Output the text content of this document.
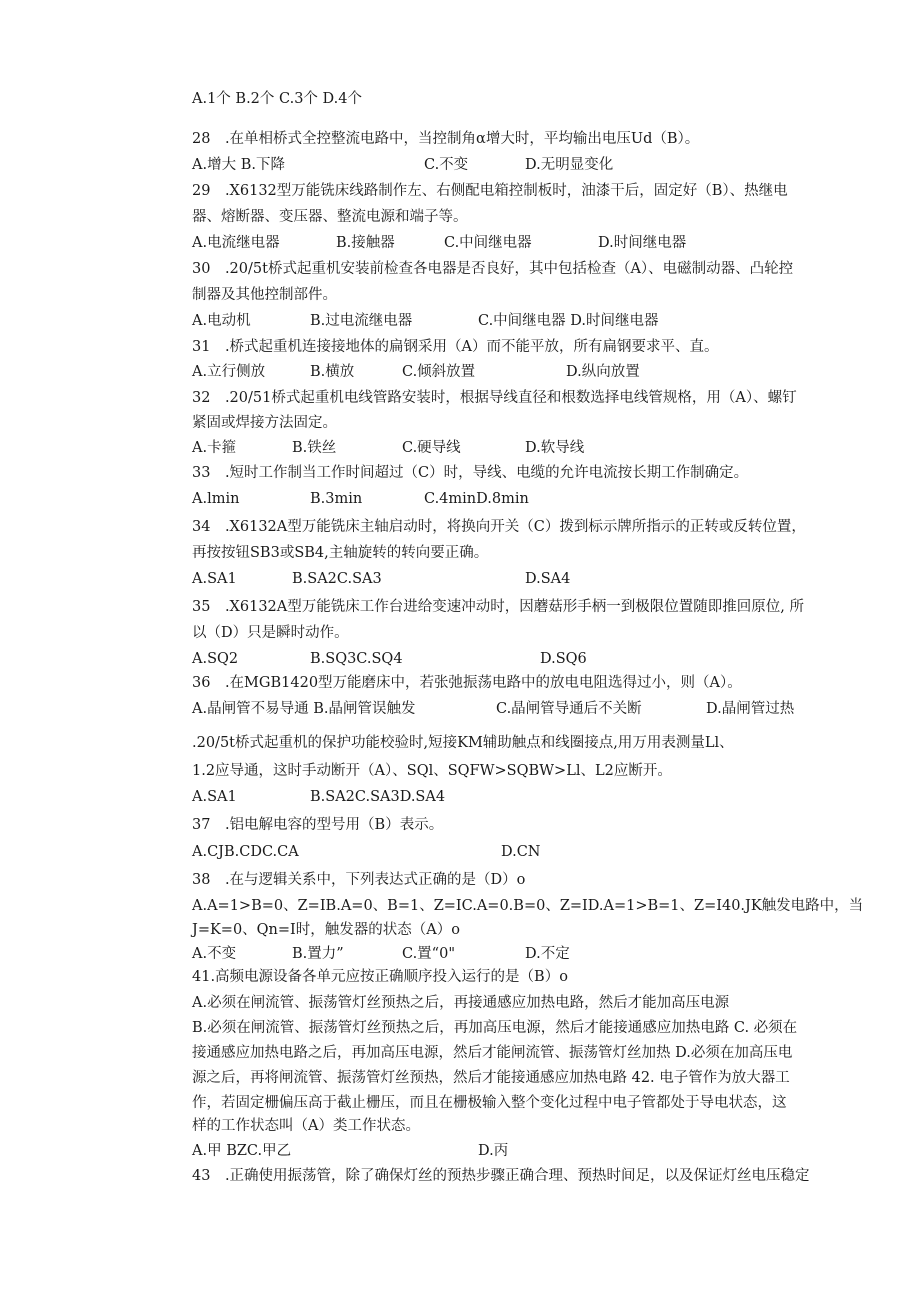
A.1个 B.2个 C.3个 D.4个
28　.在单相桥式全控整流电路中，当控制角α增大时，平均输出电压Ud（B）。
A.增大 B.下降	C.不变	D.无明显变化
29　.X6132型万能铣床线路制作左、右侧配电箱控制板时，油漆干后，固定好（B）、热继电
器、熔断器、变压器、整流电源和端子等。
A.电流继电器	B.接触器	C.中间继电器	D.时间继电器
30　.20/5t桥式起重机安装前检查各电器是否良好，其中包括检查（A）、电磁制动器、凸轮控
制器及其他控制部件。
A.电动机	B.过电流继电器	C.中间继电器 D.时间继电器
31　.桥式起重机连接接地体的扁钢采用（A）而不能平放，所有扁钢要求平、直。
A.立行侧放	B.横放	C.倾斜放置	D.纵向放置
32　.20/51桥式起重机电线管路安装时，根据导线直径和根数选择电线管规格，用（A）、螺钉
紧固或焊接方法固定。
A.卡箍	B.铁丝	C.硬导线	D.软导线
33　.短时工作制当工作时间超过（C）时，导线、电缆的允许电流按长期工作制确定。
A.lmin	B.3min	C.4minD.8min
34　.X6132A型万能铣床主轴启动时，将换向开关（C）拨到标示牌所指示的正转或反转位置，
再按按钮SB3或SB4,主轴旋转的转向要正确。
A.SA1	B.SA2C.SA3	D.SA4
35　.X6132A型万能铣床工作台进给变速冲动时，因蘑菇形手柄一到极限位置随即推回原位, 所
以（D）只是瞬时动作。
A.SQ2	B.SQ3C.SQ4	D.SQ6
36　.在MGB1420型万能磨床中，若张弛振荡电路中的放电电阻选得过小，则（A）。
A.晶闸管不易导通 B.晶闸管误触发	C.晶闸管导通后不关断	D.晶闸管过热
.20/5t桥式起重机的保护功能校验时,短接KM辅助触点和线圈接点,用万用表测量Ll、
1.2应导通，这时手动断开（A）、SQl、SQFW>SQBW>Ll、L2应断开。
A.SA1	B.SA2C.SA3D.SA4
37　.铝电解电容的型号用（B）表示。
A.CJB.CDC.CA	D.CN
38　.在与逻辑关系中，下列表达式正确的是（D）o
A.A=1>B=0、Z=IB.A=0、B=1、Z=IC.A=0.B=0、Z=ID.A=1>B=1、Z=I40.JK触发电路中，当
J=K=0、Qn=I时，触发器的状态（A）o
A.不变	B.置力”	C.置“0"	D.不定
41.高频电源设备各单元应按正确顺序投入运行的是（B）o
A.必须在闸流管、振荡管灯丝预热之后，再接通感应加热电路，然后才能加高压电源
B.必须在闸流管、振荡管灯丝预热之后，再加高压电源，然后才能接通感应加热电路 C. 必须在
接通感应加热电路之后，再加高压电源，然后才能闸流管、振荡管灯丝加热 D.必须在加高压电
源之后，再将闸流管、振荡管灯丝预热，然后才能接通感应加热电路 42. 电子管作为放大器工
作，若固定栅偏压高于截止栅压，而且在栅极输入整个变化过程中电子管都处于导电状态，这
样的工作状态叫（A）类工作状态。
A.甲 BZC.甲乙	D.丙
43　.正确使用振荡管，除了确保灯丝的预热步骤正确合理、预热时间足，以及保证灯丝电压稳定
